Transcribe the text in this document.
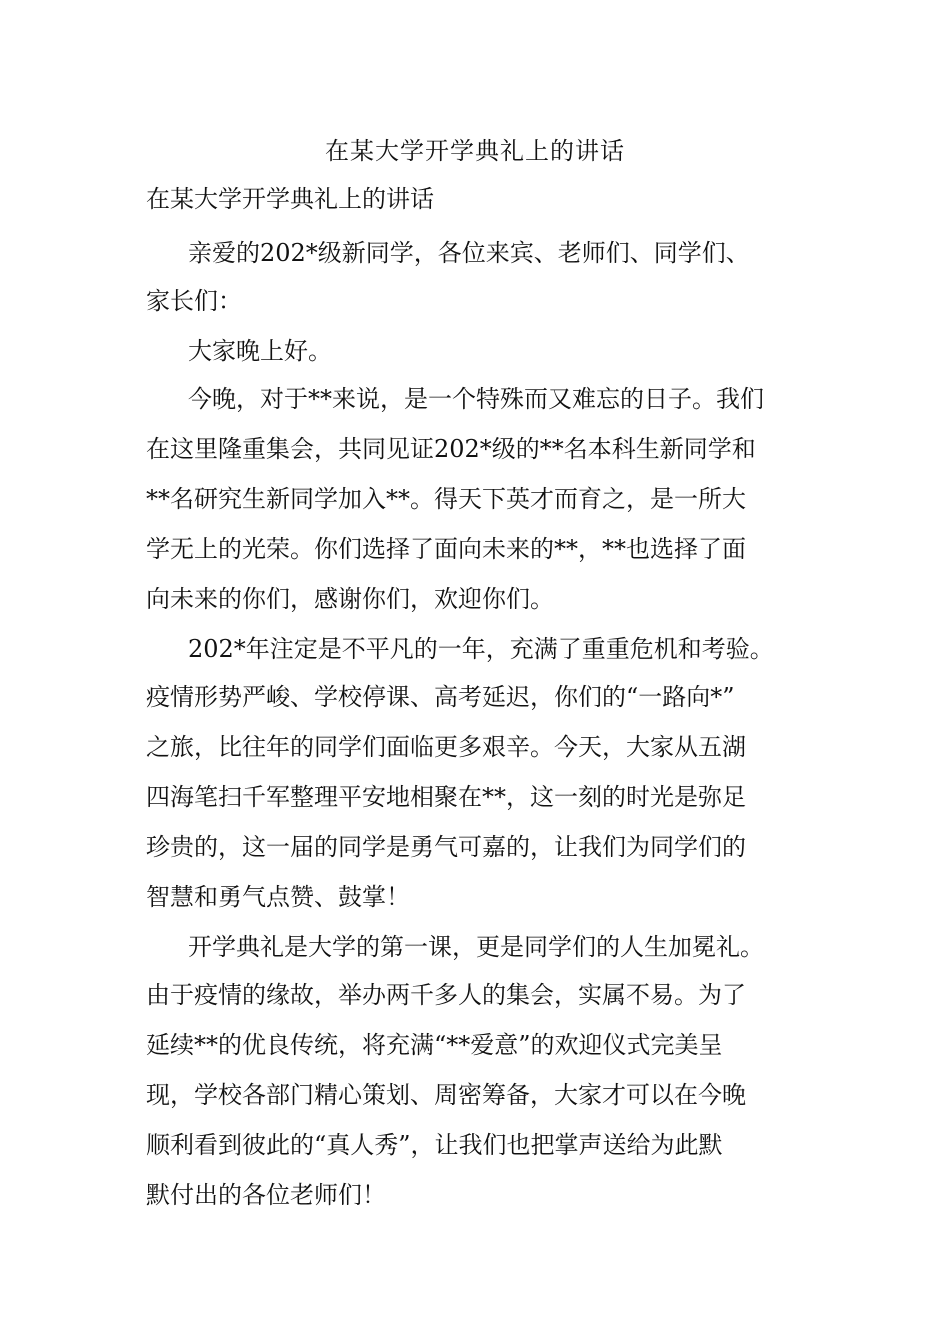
在某大学开学典礼上的讲话
在某大学开学典礼上的讲话

亲爱的202*级新同学，各位来宾、老师们、同学们、

家长们：

大家晚上好。

今晚，对于**来说，是一个特殊而又难忘的日子。我们

在这里隆重集会，共同见证202*级的**名本科生新同学和

**名研究生新同学加入**。得天下英才而育之，是一所大

学无上的光荣。你们选择了面向未来的**，**也选择了面

向未来的你们，感谢你们，欢迎你们。

202*年注定是不平凡的一年，充满了重重危机和考验。

疫情形势严峻、学校停课、高考延迟，你们的“一路向*”

之旅，比往年的同学们面临更多艰辛。今天，大家从五湖

四海笔扫千军整理平安地相聚在**，这一刻的时光是弥足

珍贵的，这一届的同学是勇气可嘉的，让我们为同学们的

智慧和勇气点赞、鼓掌！

开学典礼是大学的第一课，更是同学们的人生加冕礼。

由于疫情的缘故，举办两千多人的集会，实属不易。为了

延续**的优良传统，将充满“**爱意”的欢迎仪式完美呈

现，学校各部门精心策划、周密筹备，大家才可以在今晚

顺利看到彼此的“真人秀”，让我们也把掌声送给为此默

默付出的各位老师们！
